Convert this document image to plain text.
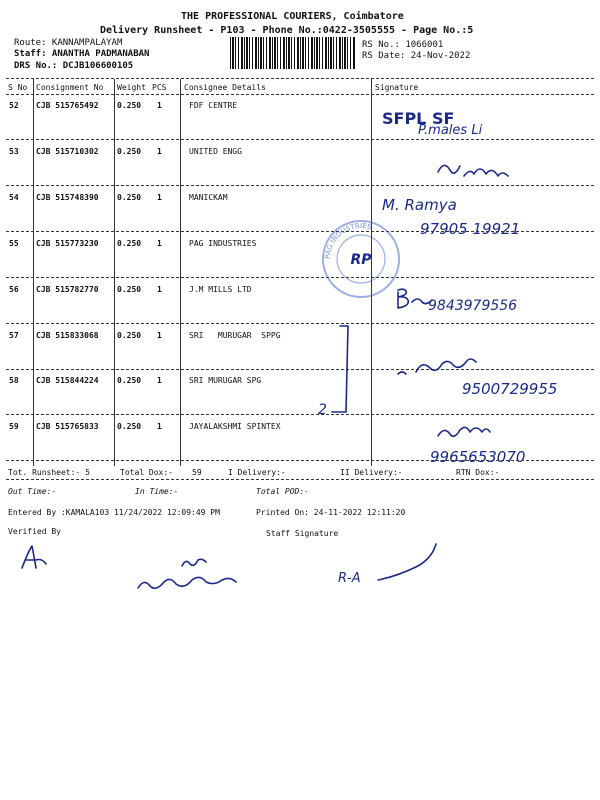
THE PROFESSIONAL COURIERS, Coimbatore
Delivery Runsheet - P103 - Phone No.:0422-3505555 - Page No.:5
Route: KANNAMPALAYAM
Staff: ANANTHA PADMANABAN
DRS No.: DCJB106600105
RS No.: 1066001
RS Date: 24-Nov-2022
S No Consignment No Weight PCS Consignee Details	Signature
52 CJB 515765492 0.250 1	FDF CENTRE
53 CJB 515710302 0.250 1	UNITED ENGG
54 CJB 515748390 0.250 1	MANICKAM
55 CJB 515773230 0.250 1	PAG INDUSTRIES
56 CJB 515782770 0.250 1	J.M MILLS LTD
57 CJB 515833068 0.250 1	SRI   MURUGAR  SPPG
58 CJB 515844224 0.250 1	SRI MURUGAR SPG
59 CJB 515765833 0.250 1	JAYALAKSHMI SPINTEX
Tot. Runsheet:- 5	Total Dox:- 59	I Delivery:-	II Delivery:-	RTN Dox:-
Out Time:-	In Time:-	Total POD:-
Entered By :KAMALA103 11/24/2022 12:09:49 PM	Printed On: 24-11-2022 12:11:20
Verified By	Staff Signature
SFPL SF
P.males Li
M. Ramya
97905 19921
9843979556
2
9500729955
9965653070
R-A
PAG INDUSTRIES
RP
